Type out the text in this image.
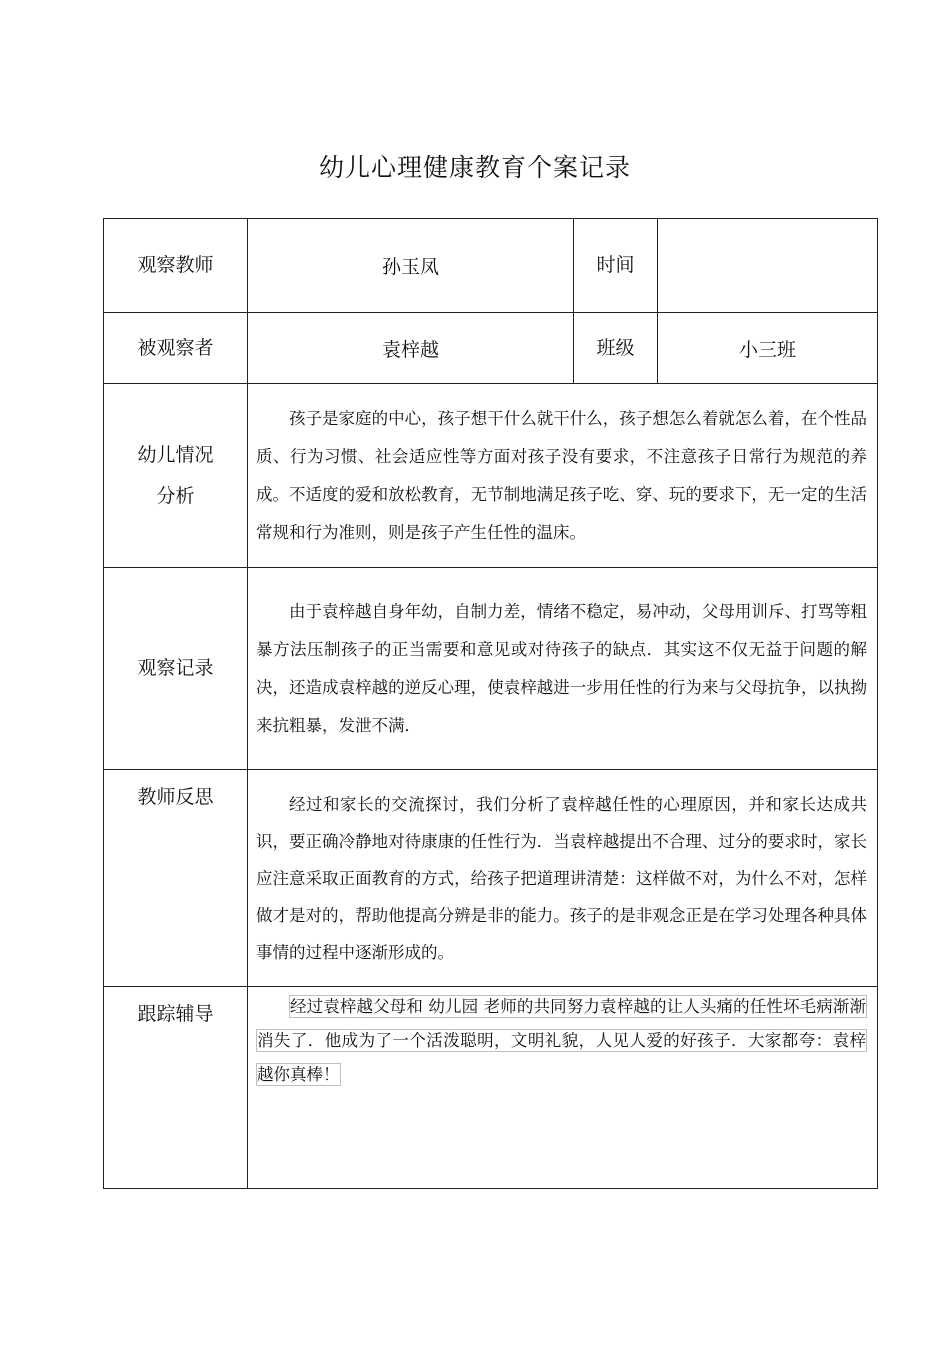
幼儿心理健康教育个案记录
观察教师	孙玉凤	时间	
被观察者	袁梓越	班级	小三班

幼儿情况
分析	孩子是家庭的中心，孩子想干什么就干什么，孩子想怎么着就怎么着，在个性品质、行为习惯、社会适应性等方面对孩子没有要求，不注意孩子日常行为规范的养成。不适度的爱和放松教育，无节制地满足孩子吃、穿、玩的要求下，无一定的生活常规和行为准则，则是孩子产生任性的温床。		

观察记录	由于袁梓越自身年幼，自制力差，情绪不稳定，易冲动，父母用训斥、打骂等粗暴方法压制孩子的正当需要和意见或对待孩子的缺点．其实这不仅无益于问题的解决，还造成袁梓越的逆反心理，使袁梓越进一步用任性的行为来与父母抗争，以执拗来抗粗暴，发泄不满．		

教师反思	经过和家长的交流探讨，我们分析了袁梓越任性的心理原因，并和家长达成共识，要正确冷静地对待康康的任性行为．当袁梓越提出不合理、过分的要求时，家长应注意采取正面教育的方式，给孩子把道理讲清楚：这样做不对，为什么不对，怎样做才是对的，帮助他提高分辨是非的能力。孩子的是非观念正是在学习处理各种具体事情的过程中逐渐形成的。		

跟踪辅导	经过袁梓越父母和 幼儿园 老师的共同努力袁梓越的让人头痛的任性坏毛病渐渐消失了．他成为了一个活泼聪明，文明礼貌，人见人爱的好孩子．大家都夸：袁梓越你真棒！		
